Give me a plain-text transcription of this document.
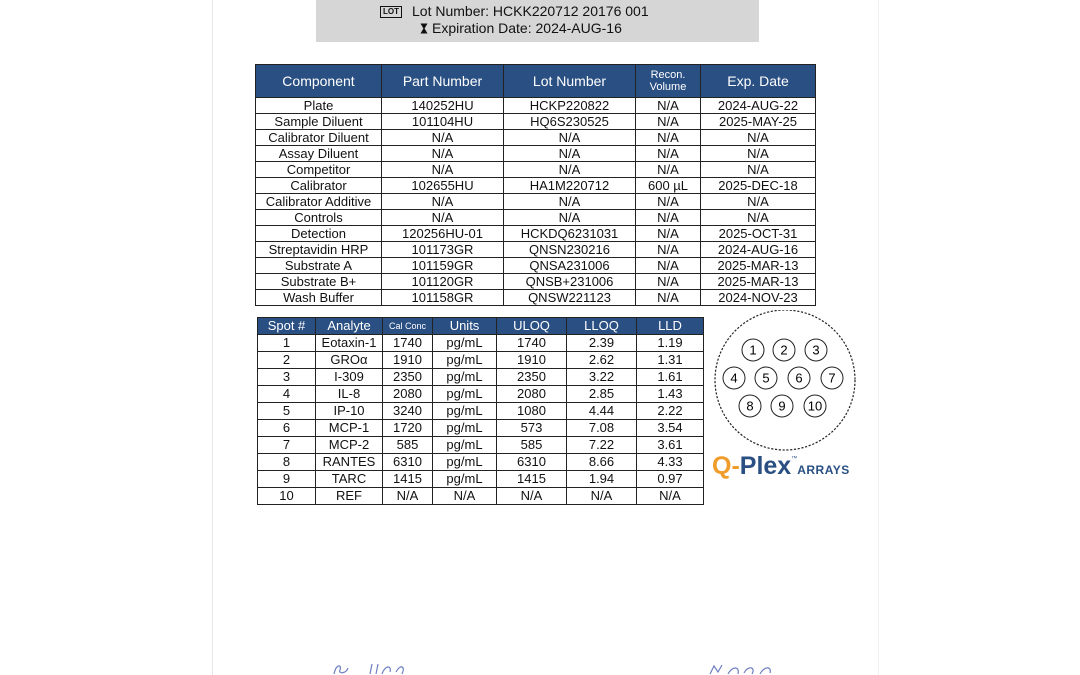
LOT Lot Number: HCKK220712 20176 001
Expiration Date: 2024-AUG-16
Component	Part Number	Lot Number	Recon. Volume	Exp. Date
Plate	140252HU	HCKP220822	N/A	2024-AUG-22
Sample Diluent	101104HU	HQ6S230525	N/A	2025-MAY-25
Calibrator Diluent	N/A	N/A	N/A	N/A
Assay Diluent	N/A	N/A	N/A	N/A
Competitor	N/A	N/A	N/A	N/A
Calibrator	102655HU	HA1M220712	600 µL	2025-DEC-18
Calibrator Additive	N/A	N/A	N/A	N/A
Controls	N/A	N/A	N/A	N/A
Detection	120256HU-01	HCKDQ6231031	N/A	2025-OCT-31
Streptavidin HRP	101173GR	QNSN230216	N/A	2024-AUG-16
Substrate A	101159GR	QNSA231006	N/A	2025-MAR-13
Substrate B+	101120GR	QNSB+231006	N/A	2025-MAR-13
Wash Buffer	101158GR	QNSW221123	N/A	2024-NOV-23
Spot #	Analyte	Cal Conc	Units	ULOQ	LLOQ	LLD
1	Eotaxin-1	1740	pg/mL	1740	2.39	1.19
2	GROα	1910	pg/mL	1910	2.62	1.31
3	I-309	2350	pg/mL	2350	3.22	1.61
4	IL-8	2080	pg/mL	2080	2.85	1.43
5	IP-10	3240	pg/mL	1080	4.44	2.22
6	MCP-1	1720	pg/mL	573	7.08	3.54
7	MCP-2	585	pg/mL	585	7.22	3.61
8	RANTES	6310	pg/mL	6310	8.66	4.33
9	TARC	1415	pg/mL	1415	1.94	0.97
10	REF	N/A	N/A	N/A	N/A	N/A
1 2 3
4 5 6 7
8 9 10
Q-Plex™ARRAYS
